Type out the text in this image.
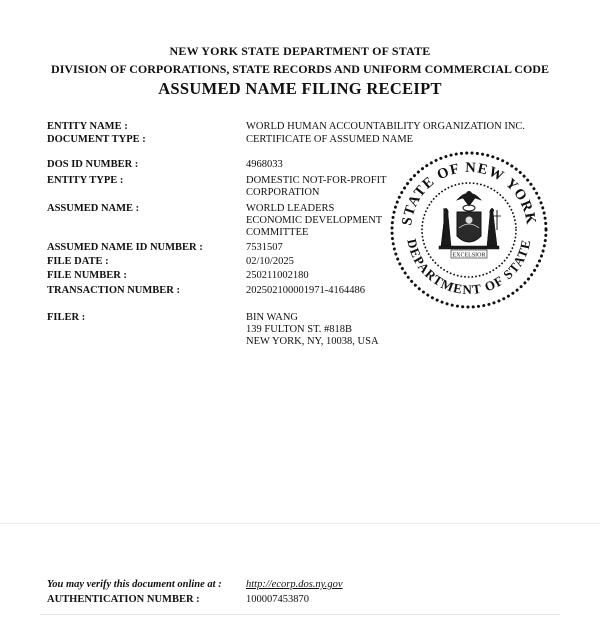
NEW YORK STATE DEPARTMENT OF STATE
DIVISION OF CORPORATIONS, STATE RECORDS AND UNIFORM COMMERCIAL CODE
ASSUMED NAME FILING RECEIPT
ENTITY NAME :	WORLD HUMAN ACCOUNTABILITY ORGANIZATION INC.
DOCUMENT TYPE :	CERTIFICATE OF ASSUMED NAME
DOS ID NUMBER :	4968033
ENTITY TYPE :	DOMESTIC NOT-FOR-PROFIT
CORPORATION
ASSUMED NAME :	WORLD LEADERS
ECONOMIC DEVELOPMENT
COMMITTEE
ASSUMED NAME ID NUMBER :	7531507
FILE DATE :	02/10/2025
FILE NUMBER :	250211002180
TRANSACTION NUMBER :	202502100001971-4164486
FILER :	BIN WANG
139 FULTON ST. #818B
NEW YORK, NY, 10038, USA
STATE OF NEW YORK
DEPARTMENT OF STATE
EXCELSIOR
You may verify this document online at : http://ecorp.dos.ny.gov
AUTHENTICATION NUMBER :	100007453870
